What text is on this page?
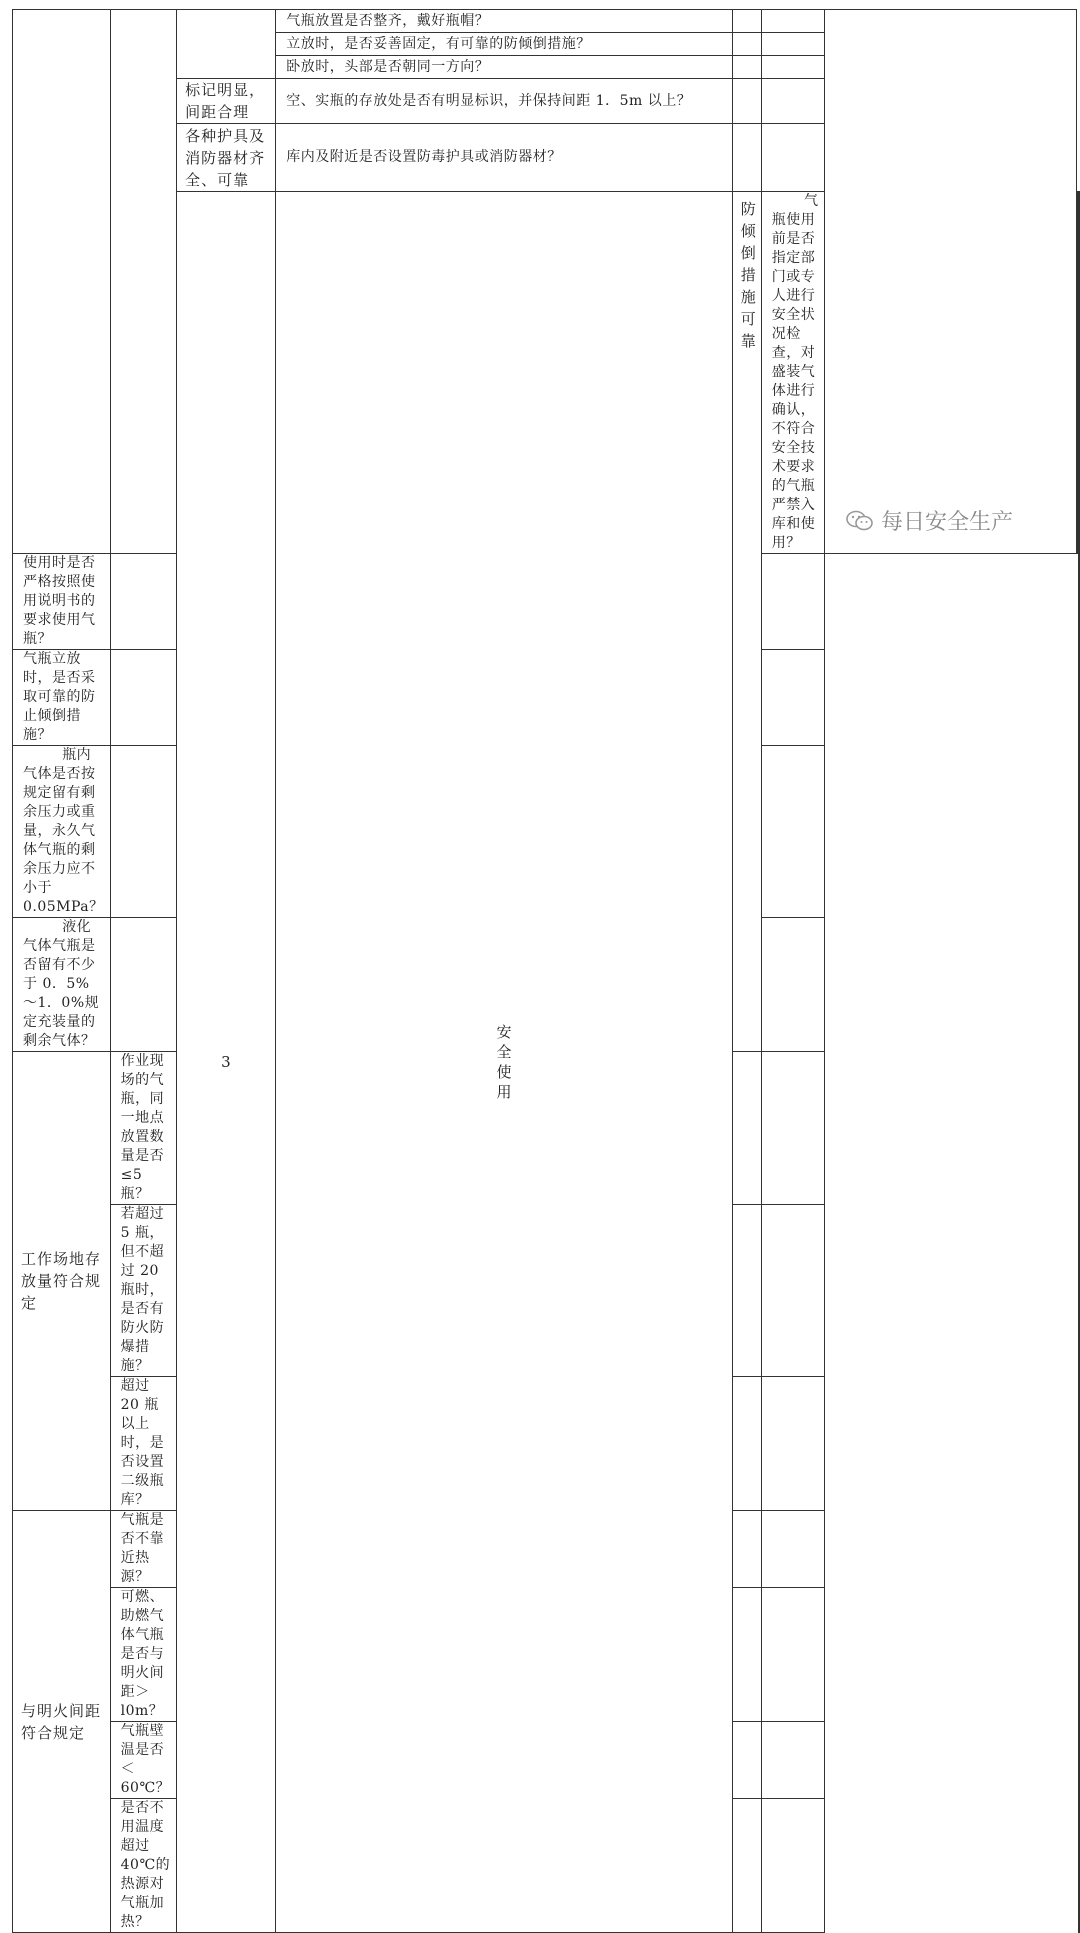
			气瓶放置是否整齐，戴好瓶帽？					
			立放时，是否妥善固定，有可靠的防倾倒措施？					
			卧放时，头部是否朝同一方向？					
		标记明显，间距合理	空、实瓶的存放处是否有明显标识，并保持间距 1．5m 以上？					
		各种护具及消防器材齐全、可靠	库内及附近是否设置防毒护具或消防器材？					
		3	安全使用	防倾倒措施可靠	气瓶使用前是否指定部门或专人进行安全状况检查，对盛装气体进行确认，不符合安全技术要求的气瓶严禁入库和使用？			
使用时是否严格按照使用说明书的要求使用气瓶？								
气瓶立放时，是否采取可靠的防止倾倒措施？								
瓶内气体是否按规定留有剩余压力或重量，永久气体气瓶的剩余压力应不小于 0.05MPa？								
液化气体气瓶是否留有不少于 0．5%～1．0%规定充装量的剩余气体？								
工作场地存放量符合规定	作业现场的气瓶，同一地点放置数量是否≤5 瓶？							
	若超过 5 瓶，但不超过 20 瓶时，是否有防火防爆措施？							
	超过 20 瓶以上时，是否设置二级瓶库？							
与明火间距符合规定	气瓶是否不靠近热源？							
	可燃、助燃气体气瓶是否与明火间距＞l0m？							
	气瓶壁温是否＜60℃？							
	是否不用温度超过 40℃的热源对气瓶加热？							
每日安全生产
